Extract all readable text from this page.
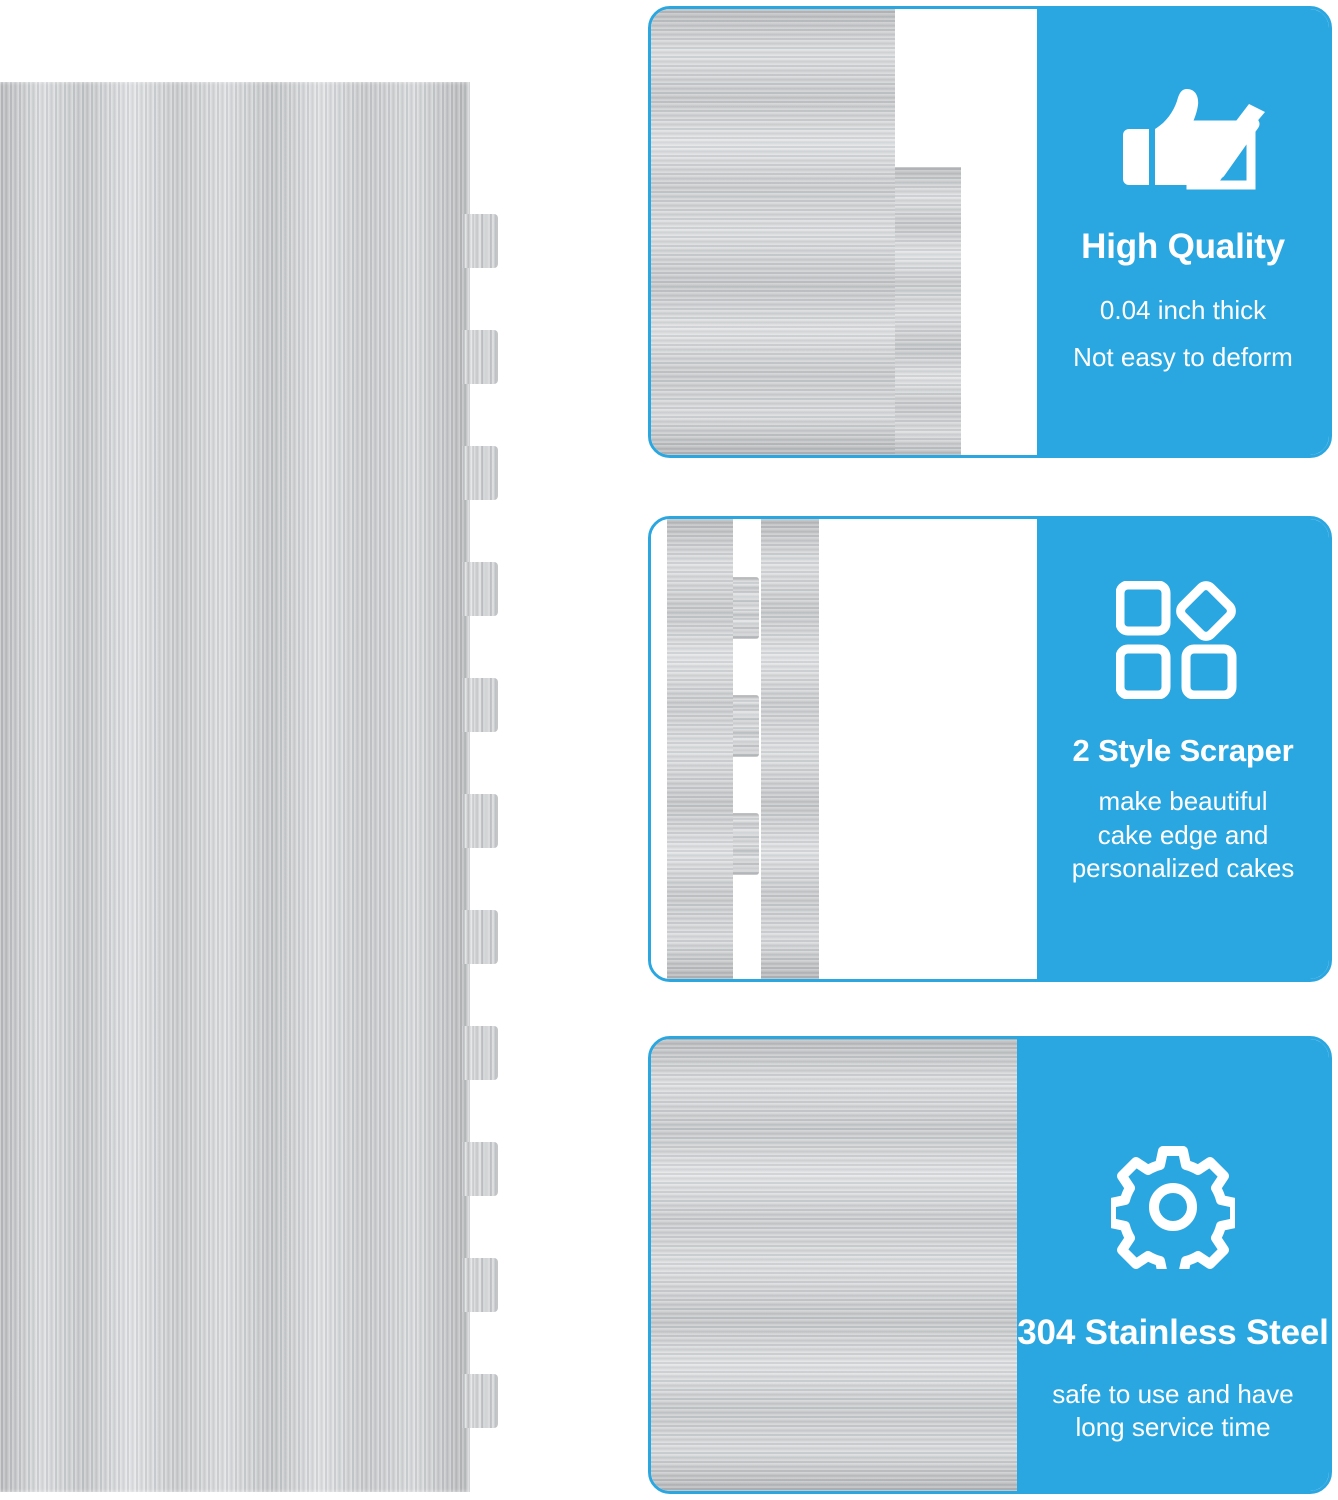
High Quality
0.04 inch thick
Not easy to deform
2 Style Scraper
make beautiful
cake edge and
personalized cakes
304 Stainless Steel
safe to use and have
long service time
